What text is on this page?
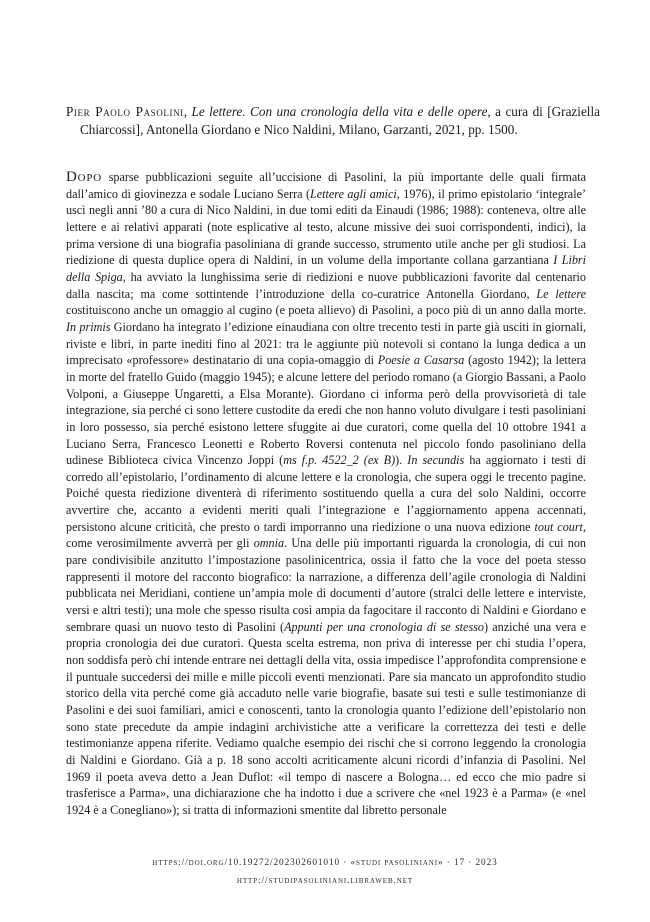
Pier Paolo Pasolini, Le lettere. Con una cronologia della vita e delle opere, a cura di [Graziella Chiarcossi], Antonella Giordano e Nico Naldini, Milano, Garzanti, 2021, pp. 1500.
Dopo sparse pubblicazioni seguite all’uccisione di Pasolini, la più importante delle quali firmata dall’amico di giovinezza e sodale Luciano Serra (Lettere agli amici, 1976), il primo epistolario ‘integrale’ uscì negli anni ’80 a cura di Nico Naldini, in due tomi editi da Einaudi (1986; 1988): conteneva, oltre alle lettere e ai relativi apparati (note esplicative al testo, alcune missive dei suoi corrispondenti, indici), la prima versione di una biografia pasoliniana di grande successo, strumento utile anche per gli studiosi. La riedizione di questa duplice opera di Naldini, in un volume della importante collana garzantiana I Libri della Spiga, ha avviato la lunghissima serie di riedizioni e nuove pubblicazioni favorite dal centenario dalla nascita; ma come sottintende l’introduzione della co-curatrice Antonella Giordano, Le lettere costituiscono anche un omaggio al cugino (e poeta allievo) di Pasolini, a poco più di un anno dalla morte. In primis Giordano ha integrato l’edizione einaudiana con oltre trecento testi in parte già usciti in giornali, riviste e libri, in parte inediti fino al 2021: tra le aggiunte più notevoli si contano la lunga dedica a un imprecisato «professore» destinatario di una copia-omaggio di Poesie a Casarsa (agosto 1942); la lettera in morte del fratello Guido (maggio 1945); e alcune lettere del periodo romano (a Giorgio Bassani, a Paolo Volponi, a Giuseppe Ungaretti, a Elsa Morante). Giordano ci informa però della provvisorietà di tale integrazione, sia perché ci sono lettere custodite da eredi che non hanno voluto divulgare i testi pasoliniani in loro possesso, sia perché esistono lettere sfuggite ai due curatori, come quella del 10 ottobre 1941 a Luciano Serra, Francesco Leonetti e Roberto Roversi contenuta nel piccolo fondo pasoliniano della udinese Biblioteca civica Vincenzo Joppi (ms f.p. 4522_2 (ex B)). In secundis ha aggiornato i testi di corredo all’epistolario, l’ordinamento di alcune lettere e la cronologia, che supera oggi le trecento pagine. Poiché questa riedizione diventerà di riferimento sostituendo quella a cura del solo Naldini, occorre avvertire che, accanto a evidenti meriti quali l’integrazione e l’aggiornamento appena accennati, persistono alcune criticità, che presto o tardi imporranno una riedizione o una nuova edizione tout court, come verosimilmente avverrà per gli omnia. Una delle più importanti riguarda la cronologia, di cui non pare condivisibile anzitutto l’impostazione pasolinicentrica, ossia il fatto che la voce del poeta stesso rappresenti il motore del racconto biografico: la narrazione, a differenza dell’agile cronologia di Naldini pubblicata nei Meridiani, contiene un’ampia mole di documenti d’autore (stralci delle lettere e interviste, versi e altri testi); una mole che spesso risulta così ampia da fagocitare il racconto di Naldini e Giordano e sembrare quasi un nuovo testo di Pasolini (Appunti per una cronologia di se stesso) anziché una vera e propria cronologia dei due curatori. Questa scelta estrema, non priva di interesse per chi studia l’opera, non soddisfa però chi intende entrare nei dettagli della vita, ossia impedisce l’approfondita comprensione e il puntuale succedersi dei mille e mille piccoli eventi menzionati. Pare sia mancato un approfondito studio storico della vita perché come già accaduto nelle varie biografie, basate sui testi e sulle testimonianze di Pasolini e dei suoi familiari, amici e conoscenti, tanto la cronologia quanto l’edizione dell’epistolario non sono state precedute da ampie indagini archivistiche atte a verificare la correttezza dei testi e delle testimonianze appena riferite. Vediamo qualche esempio dei rischi che si corrono leggendo la cronologia di Naldini e Giordano. Già a p. 18 sono accolti acriticamente alcuni ricordi d’infanzia di Pasolini. Nel 1969 il poeta aveva detto a Jean Duflot: «il tempo di nascere a Bologna… ed ecco che mio padre si trasferisce a Parma», una dichiarazione che ha indotto i due a scrivere che «nel 1923 è a Parma» (e «nel 1924 è a Conegliano»); si tratta di informazioni smentite dal libretto personale
https://doi.org/10.19272/202302601010 · «studi pasoliniani» · 17 · 2023
http://studipasoliniani.libraweb.net
